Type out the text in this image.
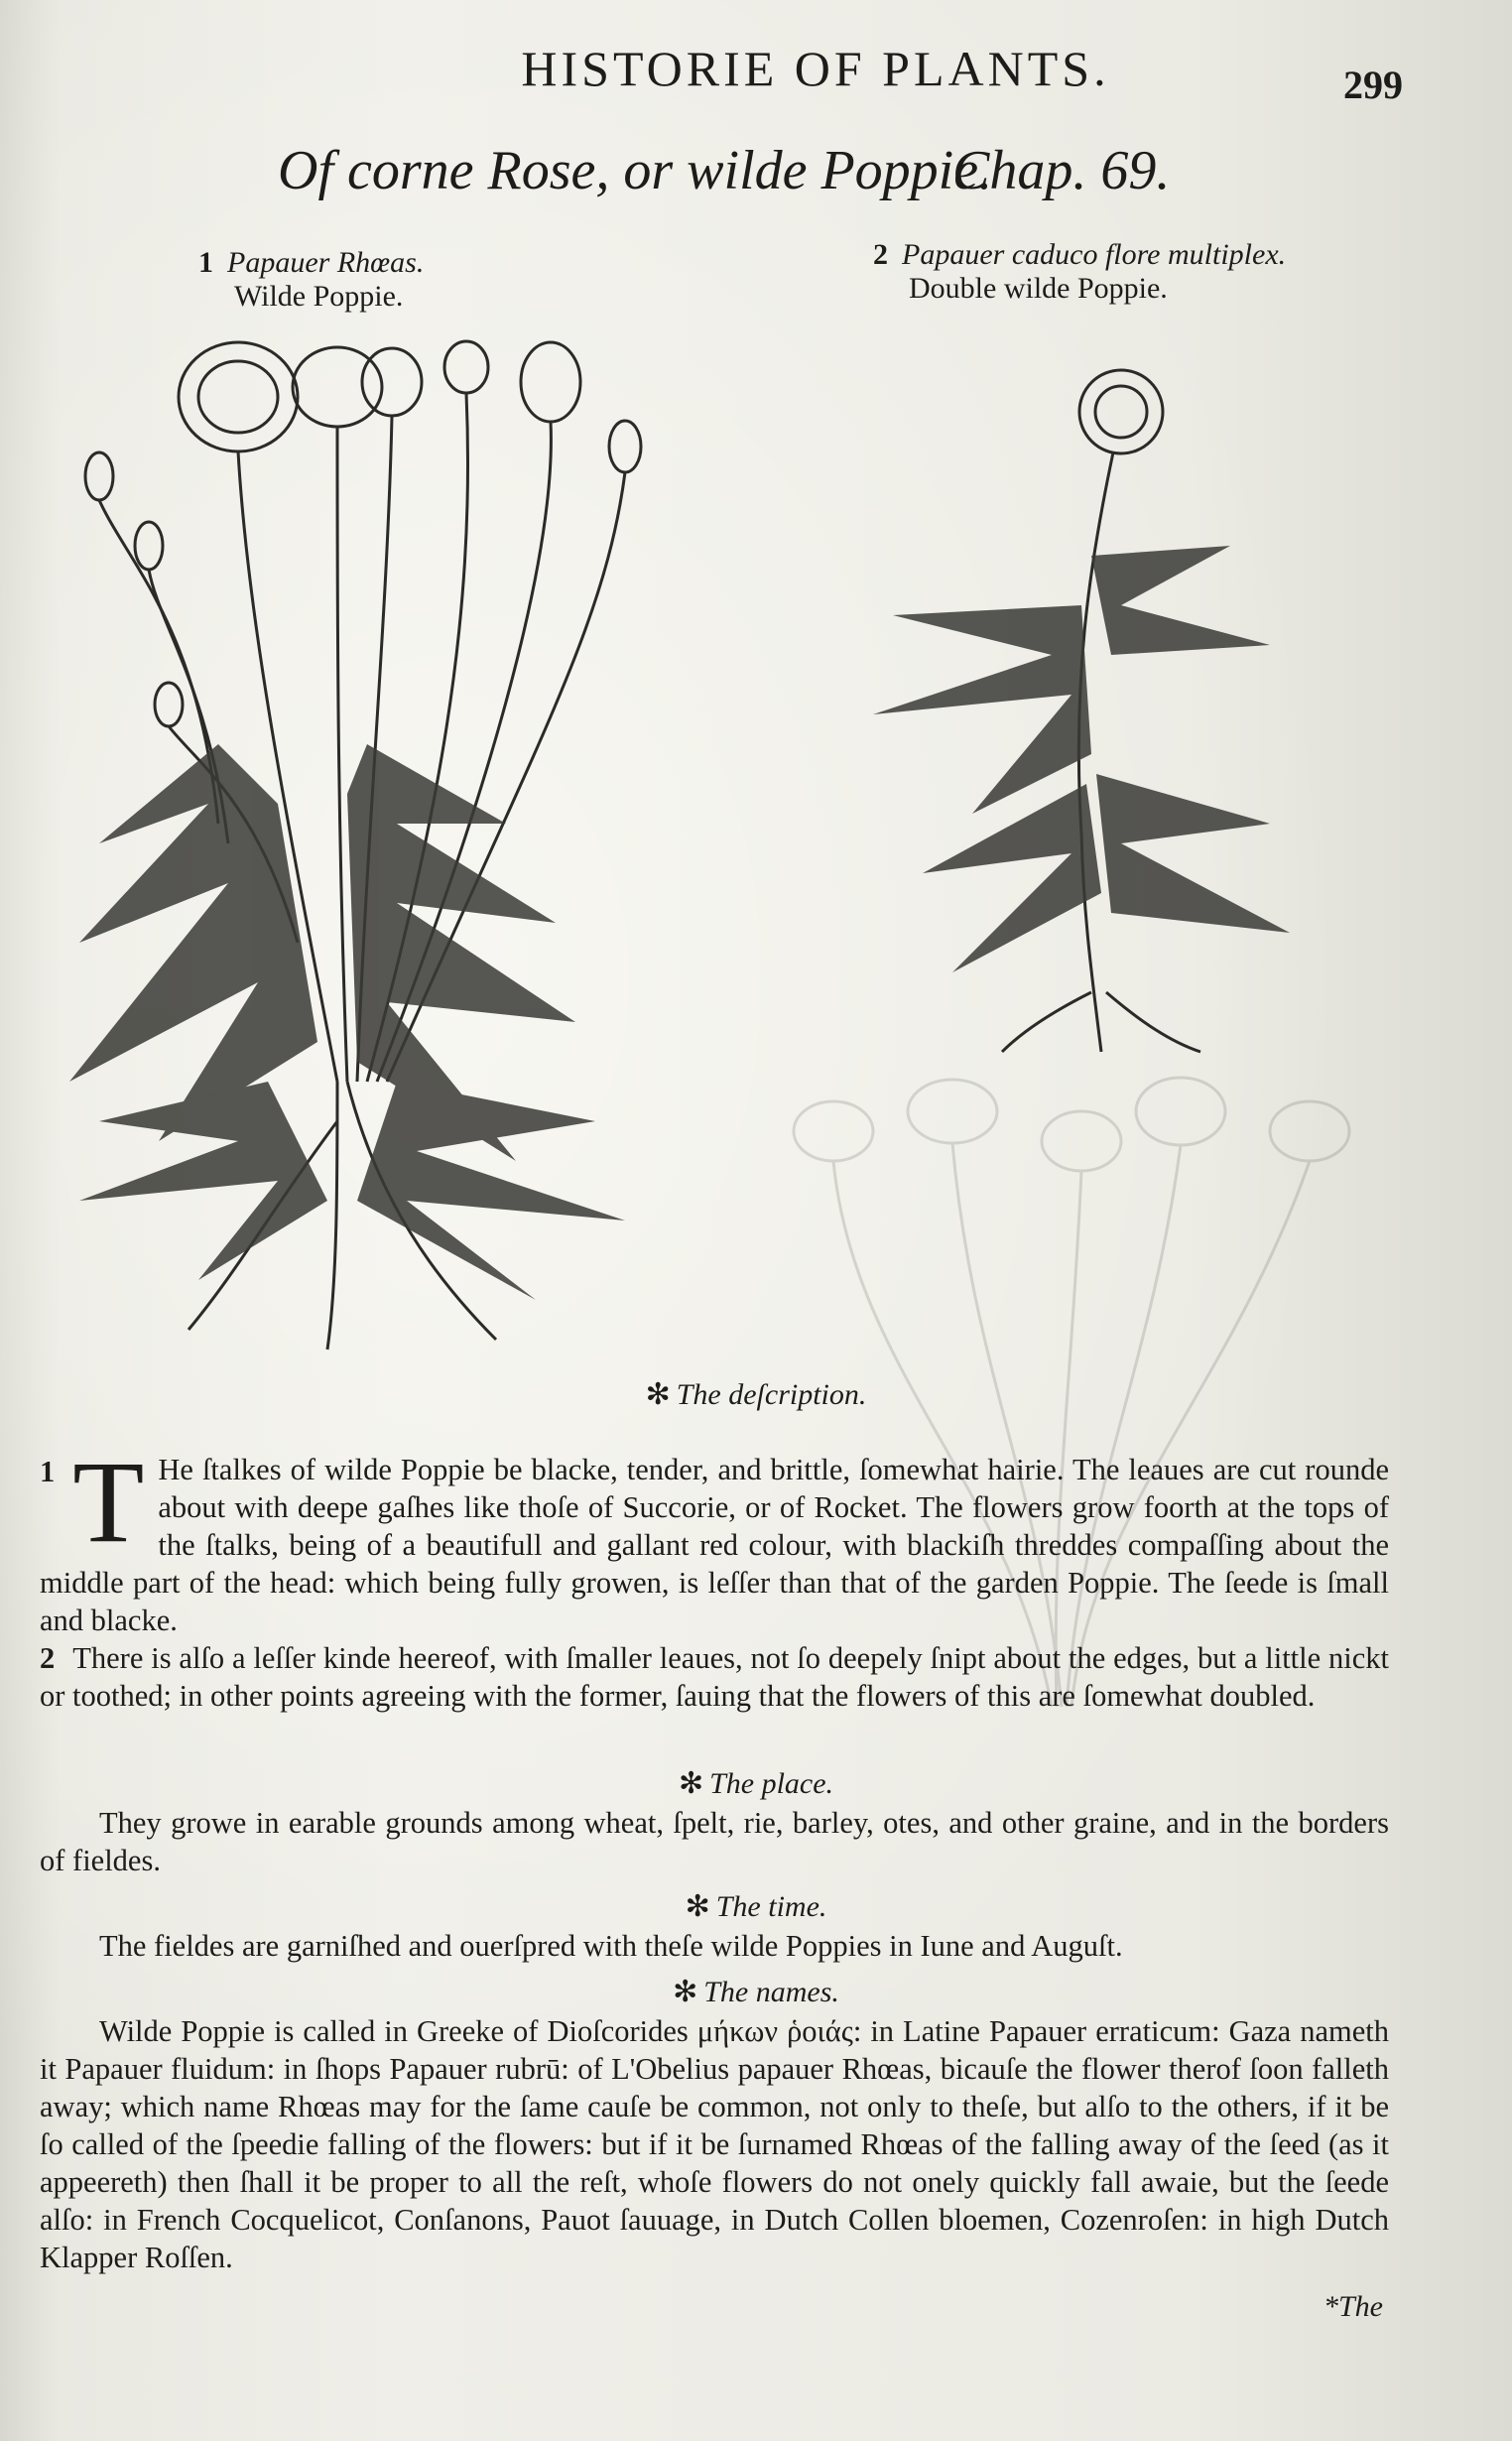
HISTORIE OF PLANTS.	299
Of corne Rose, or wilde Poppie.
Chap. 69.
1 Papauer Rhœas.
Wilde Poppie.
2 Papauer caduco flore multiplex.
Double wilde Poppie.
✻ The deſcription.

1 T He ſtalkes of wilde Poppie be blacke, tender, and brittle, ſomewhat hairie. The leaues are cut rounde about with deepe gaſhes like thoſe of Succorie, or of Rocket. The flowers grow foorth at the tops of the ſtalks, being of a beautifull and gallant red colour, with blackiſh threddes compaſſing about the middle part of the head: which being fully growen, is leſſer than that of the garden Poppie. The ſeede is ſmall and blacke.

2 There is alſo a leſſer kinde heereof, with ſmaller leaues, not ſo deepely ſnipt about the edges, but a little nickt or toothed; in other points agreeing with the former, ſauing that the flowers of this are ſomewhat doubled.

✻ The place.
They growe in earable grounds among wheat, ſpelt, rie, barley, otes, and other graine, and in the borders of fieldes.
✻ The time.
The fieldes are garniſhed and ouerſpred with theſe wilde Poppies in Iune and Auguſt.
✻ The names.
Wilde Poppie is called in Greeke of Dioſcorides μήκων ῥοιάς: in Latine Papauer erraticum: Gaza nameth it Papauer fluidum: in ſhops Papauer rubrū: of L'Obelius papauer Rhœas, bicauſe the flower therof ſoon falleth away; which name Rhœas may for the ſame cauſe be common, not only to theſe, but alſo to the others, if it be ſo called of the ſpeedie falling of the flowers: but if it be ſurnamed Rhœas of the falling away of the ſeed (as it appeereth) then ſhall it be proper to all the reſt, whoſe flowers do not onely quickly fall awaie, but the ſeede alſo: in French Cocquelicot, Conſanons, Pauot ſauuage, in Dutch Collen bloemen, Cozenroſen: in high Dutch Klapper Roſſen.
*The
